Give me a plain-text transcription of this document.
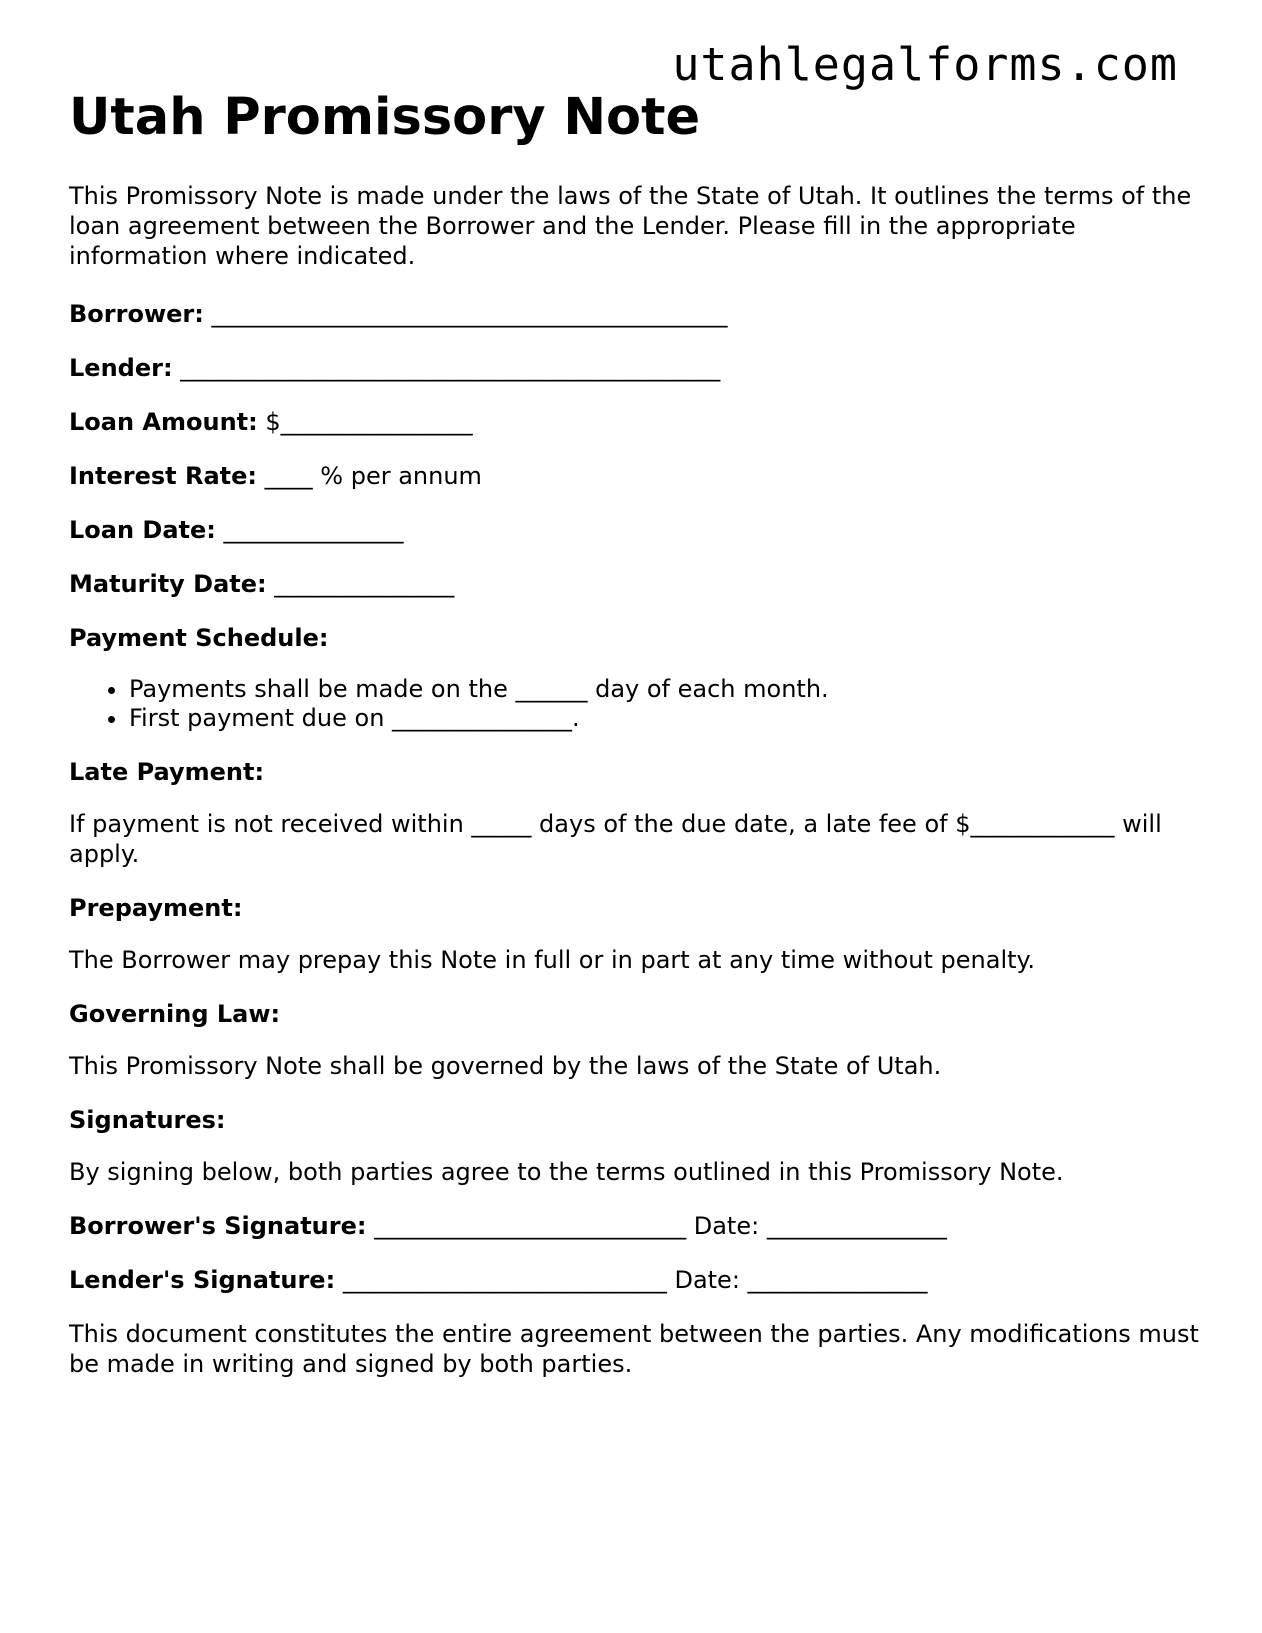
utahlegalforms.com
Utah Promissory Note

This Promissory Note is made under the laws of the State of Utah. It outlines the terms of the loan agreement between the Borrower and the Lender. Please fill in the appropriate information where indicated.

Borrower: ___________________________________________

Lender: _____________________________________________

Loan Amount: $________________

Interest Rate: ____ % per annum

Loan Date: _______________

Maturity Date: _______________

Payment Schedule:

• Payments shall be made on the ______ day of each month.
• First payment due on _______________.

Late Payment:

If payment is not received within _____ days of the due date, a late fee of $____________ will apply.

Prepayment:

The Borrower may prepay this Note in full or in part at any time without penalty.

Governing Law:

This Promissory Note shall be governed by the laws of the State of Utah.

Signatures:

By signing below, both parties agree to the terms outlined in this Promissory Note.

Borrower's Signature: __________________________ Date: _______________

Lender's Signature: ___________________________ Date: _______________

This document constitutes the entire agreement between the parties. Any modifications must be made in writing and signed by both parties.
